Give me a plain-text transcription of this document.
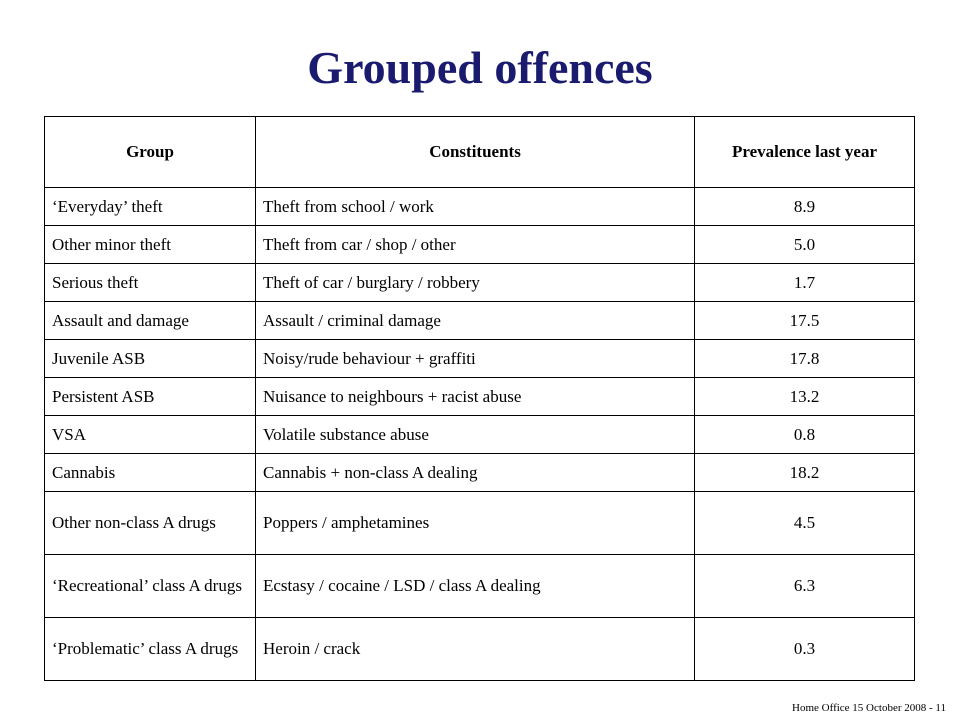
Grouped offences
Group	Constituents	Prevalence last year
‘Everyday’ theft	Theft from school / work	8.9
Other minor theft	Theft from car / shop / other	5.0
Serious theft	Theft of car / burglary / robbery	1.7
Assault and damage	Assault / criminal damage	17.5
Juvenile ASB	Noisy/rude behaviour + graffiti	17.8
Persistent ASB	Nuisance to neighbours + racist abuse	13.2
VSA	Volatile substance abuse	0.8
Cannabis	Cannabis + non-class A dealing	18.2
Other non-class A drugs	Poppers / amphetamines	4.5
‘Recreational’ class A drugs	Ecstasy / cocaine / LSD / class A dealing	6.3
‘Problematic’ class A drugs	Heroin / crack	0.3
Home Office 15 October 2008 - 11
